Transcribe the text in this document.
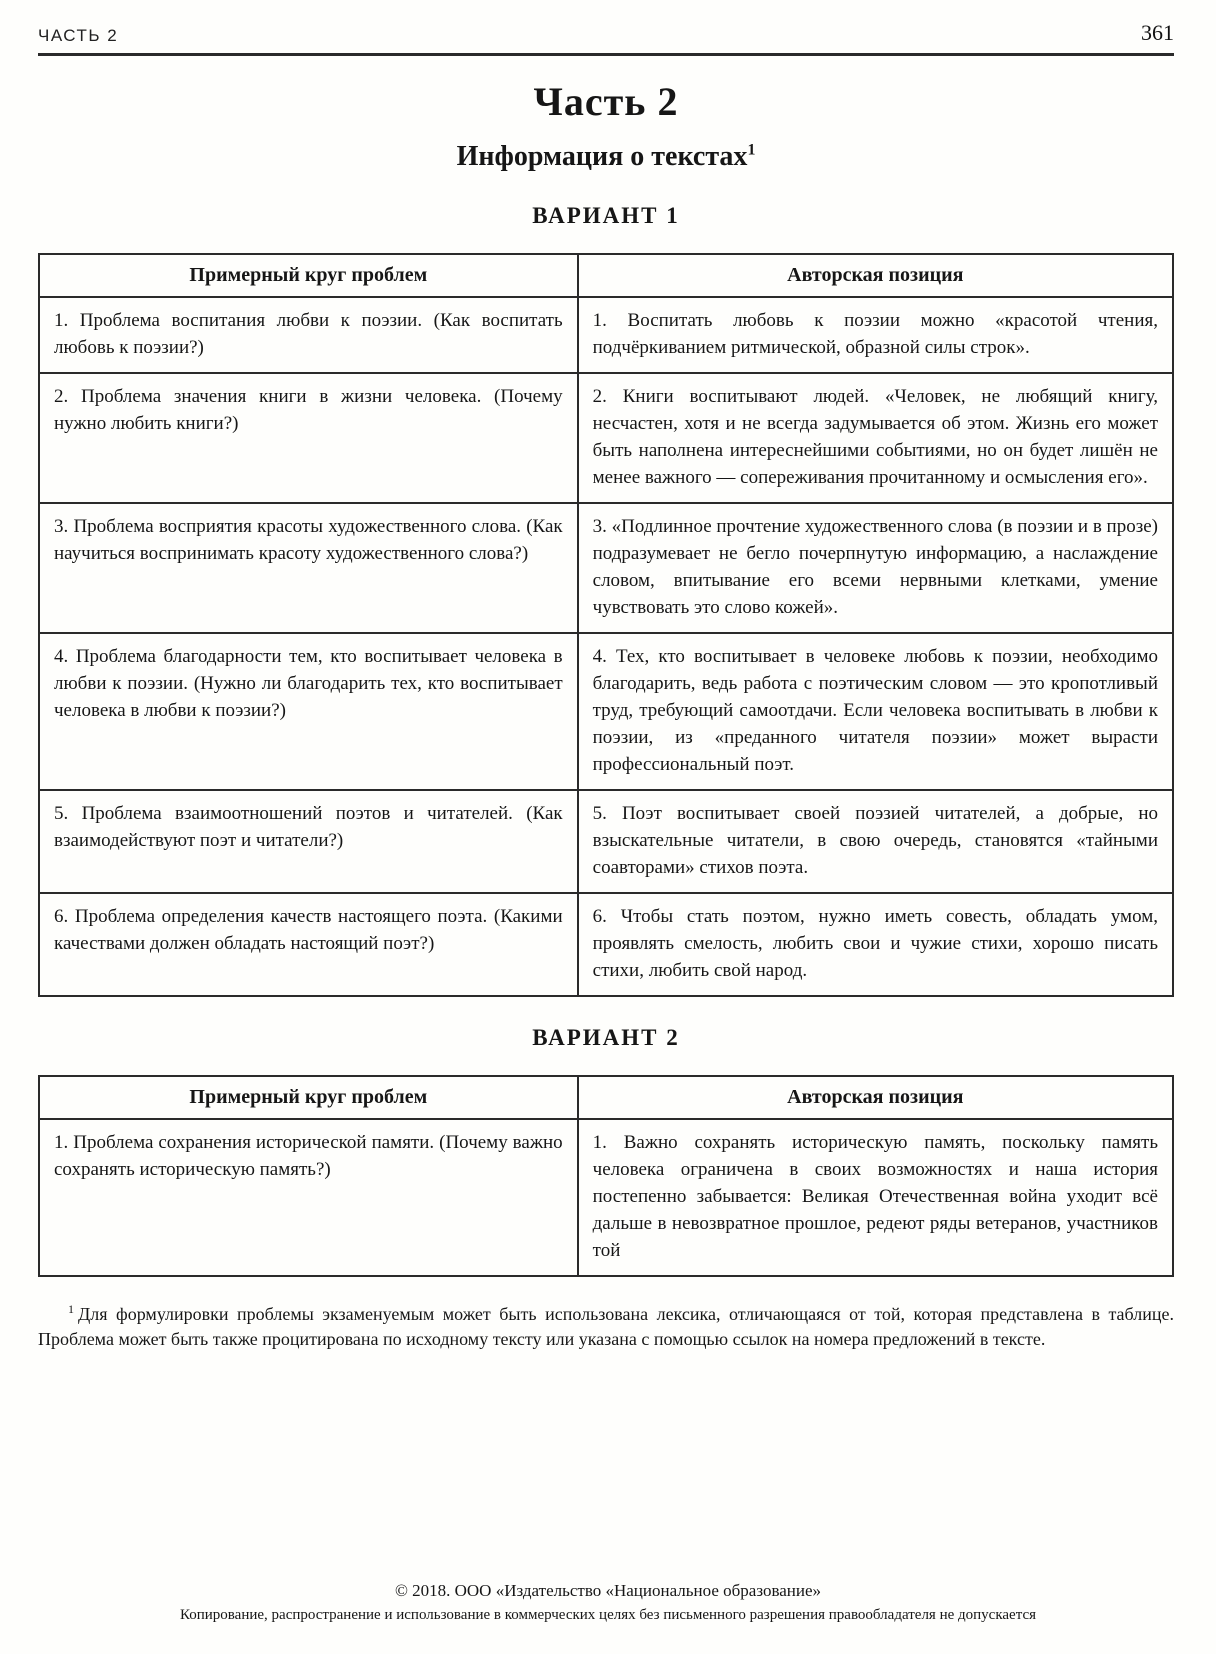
ЧАСТЬ 2	361
Часть 2
Информация о текстах$^1$
ВАРИАНТ 1
Примерный круг проблем	Авторская позиция
1. Проблема воспитания любви к поэзии. (Как воспитать любовь к поэзии?)	1. Воспитать любовь к поэзии можно «красотой чтения, подчёркиванием ритмической, образной силы строк».
2. Проблема значения книги в жизни человека. (Почему нужно любить книги?)	2. Книги воспитывают людей. «Человек, не любящий книгу, несчастен, хотя и не всегда задумывается об этом. Жизнь его может быть наполнена интереснейшими событиями, но он будет лишён не менее важного — сопереживания прочитанному и осмысления его».
3. Проблема восприятия красоты художественного слова. (Как научиться воспринимать красоту художественного слова?)	3. «Подлинное прочтение художественного слова (в поэзии и в прозе) подразумевает не бегло почерпнутую информацию, а наслаждение словом, впитывание его всеми нервными клетками, умение чувствовать это слово кожей».
4. Проблема благодарности тем, кто воспитывает человека в любви к поэзии. (Нужно ли благодарить тех, кто воспитывает человека в любви к поэзии?)	4. Тех, кто воспитывает в человеке любовь к поэзии, необходимо благодарить, ведь работа с поэтическим словом — это кропотливый труд, требующий самоотдачи. Если человека воспитывать в любви к поэзии, из «преданного читателя поэзии» может вырасти профессиональный поэт.
5. Проблема взаимоотношений поэтов и читателей. (Как взаимодействуют поэт и читатели?)	5. Поэт воспитывает своей поэзией читателей, а добрые, но взыскательные читатели, в свою очередь, становятся «тайными соавторами» стихов поэта.
6. Проблема определения качеств настоящего поэта. (Какими качествами должен обладать настоящий поэт?)	6. Чтобы стать поэтом, нужно иметь совесть, обладать умом, проявлять смелость, любить свои и чужие стихи, хорошо писать стихи, любить свой народ.
ВАРИАНТ 2
Примерный круг проблем	Авторская позиция
1. Проблема сохранения исторической памяти. (Почему важно сохранять историческую память?)	1. Важно сохранять историческую память, поскольку память человека ограничена в своих возможностях и наша история постепенно забывается: Великая Отечественная война уходит всё дальше в невозвратное прошлое, редеют ряды ветеранов, участников той

$^1$ Для формулировки проблемы экзаменуемым может быть использована лексика, отличающаяся от той, которая представлена в таблице. Проблема может быть также процитирована по исходному тексту или указана с помощью ссылок на номера предложений в тексте.

© 2018. ООО «Издательство «Национальное образование»

Копирование, распространение и использование в коммерческих целях без письменного разрешения правообладателя не допускается
